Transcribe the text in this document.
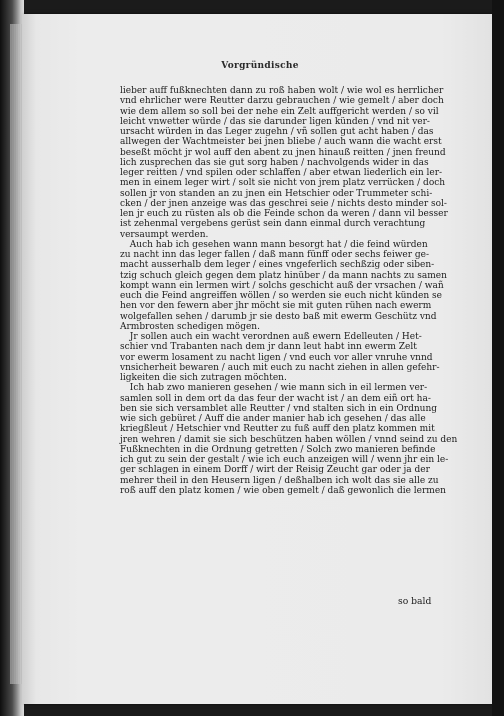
Vorgründische

lieber auff fußknechten dann zu roß haben wolt / wie wol es herrlicher
vnd ehrlicher were Reutter darzu gebrauchen / wie gemelt / aber doch
wie dem allem so soll bei der nehe ein Zelt auffgericht werden / so vil
leicht vnwetter würde / das sie darunder ligen künden / vnd nit ver-
ursacht würden in das Leger zugehn / vñ sollen gut acht haben / das
allwegen der Wachtmeister bei jnen bliebe / auch wann die wacht erst
beseßt möcht jr wol auff den abent zu jnen hinauß reitten / jnen freund
lich zusprechen das sie gut sorg haben / nachvolgends wider in das
leger reitten / vnd spilen oder schlaffen / aber etwan liederlich ein ler-
men in einem leger wirt / solt sie nicht von jrem platz verrücken / doch
sollen jr von standen an zu jnen ein Hetschier oder Trummeter schi-
cken / der jnen anzeige was das geschrei seie / nichts desto minder sol-
len jr euch zu rüsten als ob die Feinde schon da weren / dann vil besser
ist zehenmal vergebens gerüst sein dann einmal durch verachtung
versaumpt werden.
Auch hab ich gesehen wann mann besorgt hat / die feind würden
zu nacht inn das leger fallen / daß mann fünff oder sechs feiwer ge-
macht ausserhalb dem leger / eines vngeferlich sechßzig oder siben-
tzig schuch gleich gegen dem platz hinüber / da mann nachts zu samen
kompt wann ein lermen wirt / solchs geschicht auß der vrsachen / wañ
euch die Feind angreiffen wöllen / so werden sie euch nicht künden se
hen vor den fewern aber jhr möcht sie mit guten rühen nach ewerm
wolgefallen sehen / darumb jr sie desto baß mit ewerm Geschütz vnd
Armbrosten schedigen mögen.
Jr sollen auch ein wacht verordnen auß ewern Edelleuten / Het-
schier vnd Trabanten nach dem jr dann leut habt inn ewerm Zelt
vor ewerm losament zu nacht ligen / vnd euch vor aller vnruhe vnnd
vnsicherheit bewaren / auch mit euch zu nacht ziehen in allen gefehr-
ligkeiten die sich zutragen möchten.
Ich hab zwo manieren gesehen / wie mann sich in eil lermen ver-
samlen soll in dem ort da das feur der wacht ist / an dem eiñ ort ha-
ben sie sich versamblet alle Reutter / vnd stalten sich in ein Ordnung
wie sich gebüret / Auff die ander manier hab ich gesehen / das alle
kriegßleut / Hetschier vnd Reutter zu fuß auff den platz kommen mit
jren wehren / damit sie sich beschützen haben wöllen / vnnd seind zu den
Fußknechten in die Ordnung getretten / Solch zwo manieren befinde
ich gut zu sein der gestalt / wie ich euch anzeigen will / wenn jhr ein le-
ger schlagen in einem Dorff / wirt der Reisig Zeucht gar oder ja der
mehrer theil in den Heusern ligen / deßhalben ich wolt das sie alle zu
roß auff den platz komen / wie oben gemelt / daß gewonlich die lermen

so bald
